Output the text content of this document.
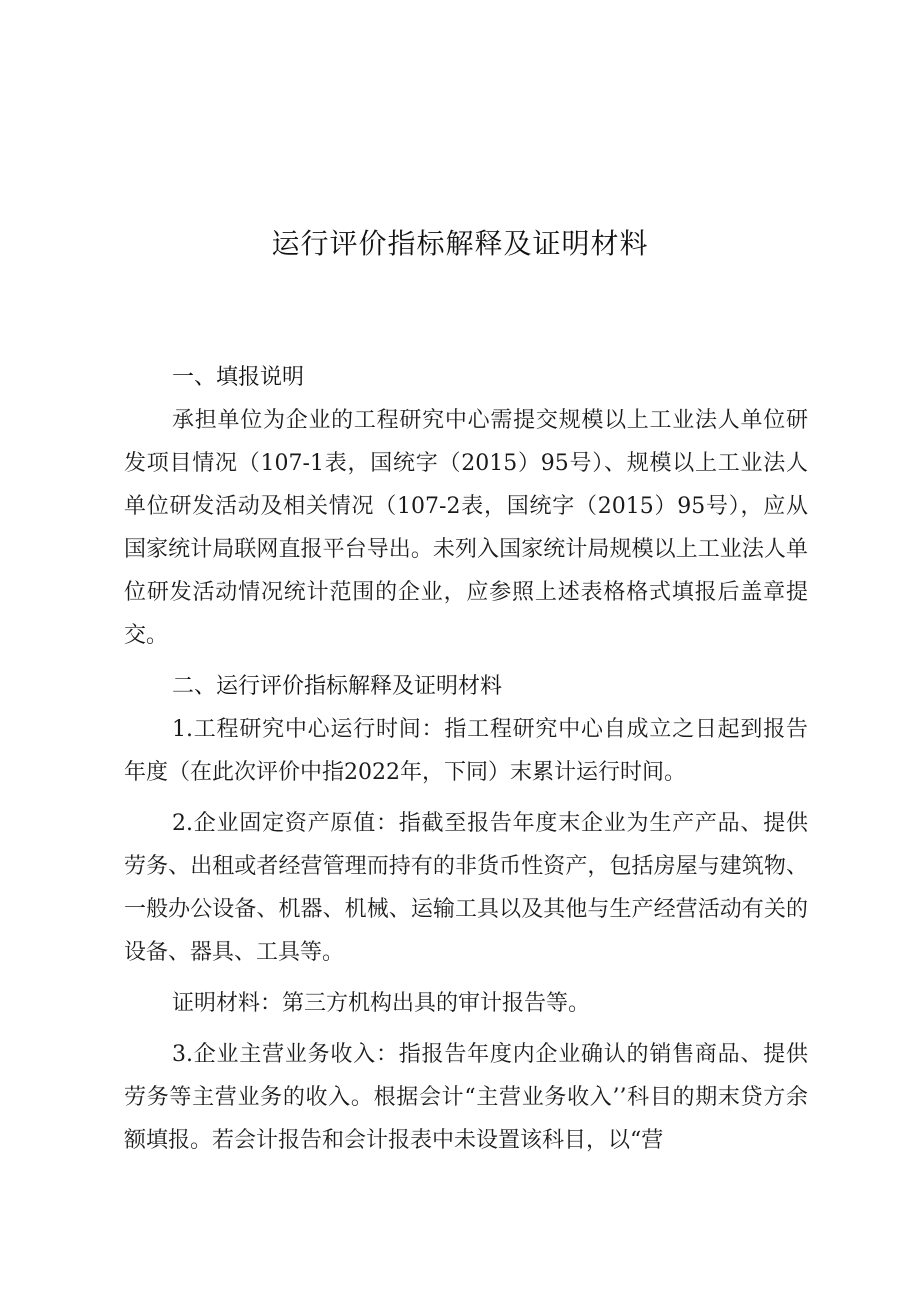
运行评价指标解释及证明材料

一、填报说明

承担单位为企业的工程研究中心需提交规模以上工业法人单位研发项目情况（107-1表，国统字（2015）95号）、规模以上工业法人单位研发活动及相关情况（107-2表，国统字（2015）95号），应从国家统计局联网直报平台导出。未列入国家统计局规模以上工业法人单位研发活动情况统计范围的企业，应参照上述表格格式填报后盖章提交。

二、运行评价指标解释及证明材料

1.工程研究中心运行时间：指工程研究中心自成立之日起到报告年度（在此次评价中指2022年，下同）末累计运行时间。

2.企业固定资产原值：指截至报告年度末企业为生产产品、提供劳务、出租或者经营管理而持有的非货币性资产，包括房屋与建筑物、一般办公设备、机器、机械、运输工具以及其他与生产经营活动有关的设备、器具、工具等。

证明材料：第三方机构出具的审计报告等。

3.企业主营业务收入：指报告年度内企业确认的销售商品、提供劳务等主营业务的收入。根据会计“主营业务收入’’科目的期末贷方余额填报。若会计报告和会计报表中未设置该科目，以“营
